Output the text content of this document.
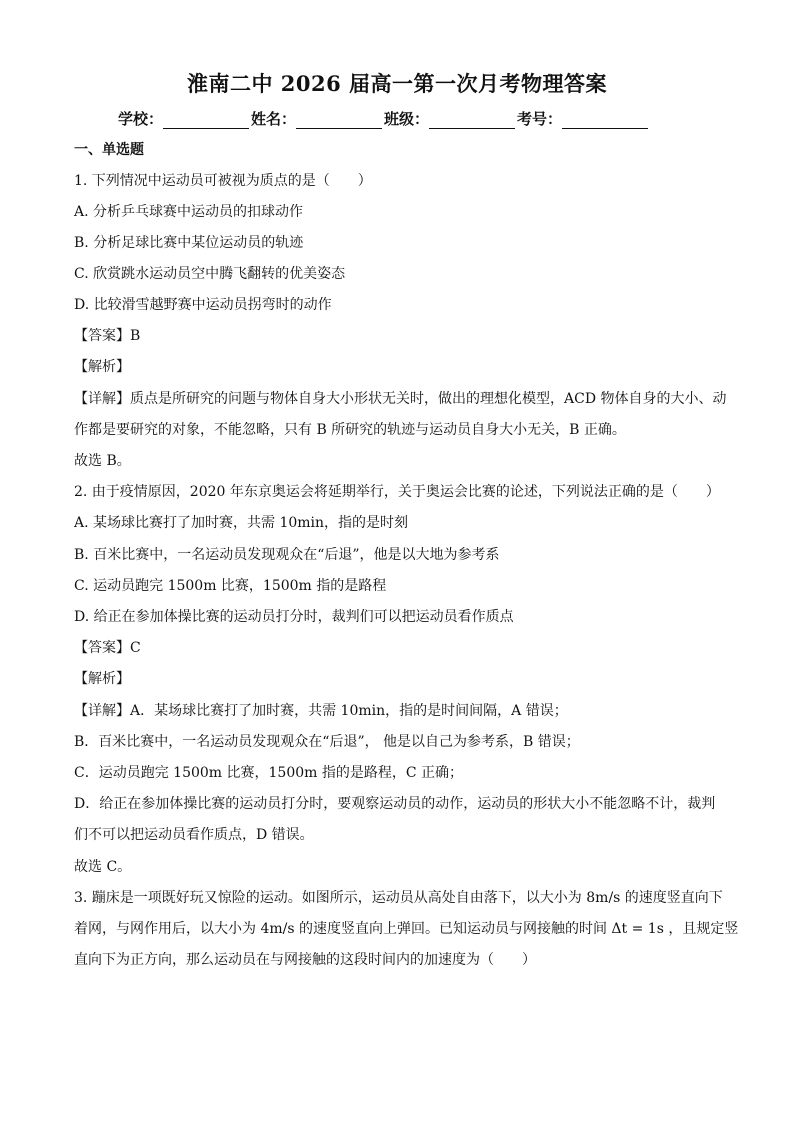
淮南二中 2026 届高一第一次月考物理答案
学校：	姓名：	班级：	考号：
一、单选题
1. 下列情况中运动员可被视为质点的是（　　）
A. 分析乒乓球赛中运动员的扣球动作
B. 分析足球比赛中某位运动员的轨迹
C. 欣赏跳水运动员空中腾飞翻转的优美姿态
D. 比较滑雪越野赛中运动员拐弯时的动作
【答案】B
【解析】
【详解】质点是所研究的问题与物体自身大小形状无关时，做出的理想化模型，ACD 物体自身的大小、动
作都是要研究的对象，不能忽略，只有 B 所研究的轨迹与运动员自身大小无关，B 正确。
故选 B。
2. 由于疫情原因，2020 年东京奥运会将延期举行，关于奥运会比赛的论述，下列说法正确的是（　　）
A. 某场球比赛打了加时赛，共需 10min，指的是时刻
B. 百米比赛中，一名运动员发现观众在“后退”，他是以大地为参考系
C. 运动员跑完 1500m 比赛，1500m 指的是路程
D. 给正在参加体操比赛的运动员打分时，裁判们可以把运动员看作质点
【答案】C
【解析】
【详解】A．某场球比赛打了加时赛，共需 10min，指的是时间间隔，A 错误；
B．百米比赛中，一名运动员发现观众在“后退”， 他是以自己为参考系，B 错误；
C．运动员跑完 1500m 比赛，1500m 指的是路程，C 正确；
D．给正在参加体操比赛的运动员打分时，要观察运动员的动作，运动员的形状大小不能忽略不计，裁判
们不可以把运动员看作质点，D 错误。
故选 C。
3. 蹦床是一项既好玩又惊险的运动。如图所示，运动员从高处自由落下，以大小为 8m/s 的速度竖直向下
着网，与网作用后，以大小为 4m/s 的速度竖直向上弹回。已知运动员与网接触的时间 Δt = 1s ，且规定竖
直向下为正方向，那么运动员在与网接触的这段时间内的加速度为（　　）
